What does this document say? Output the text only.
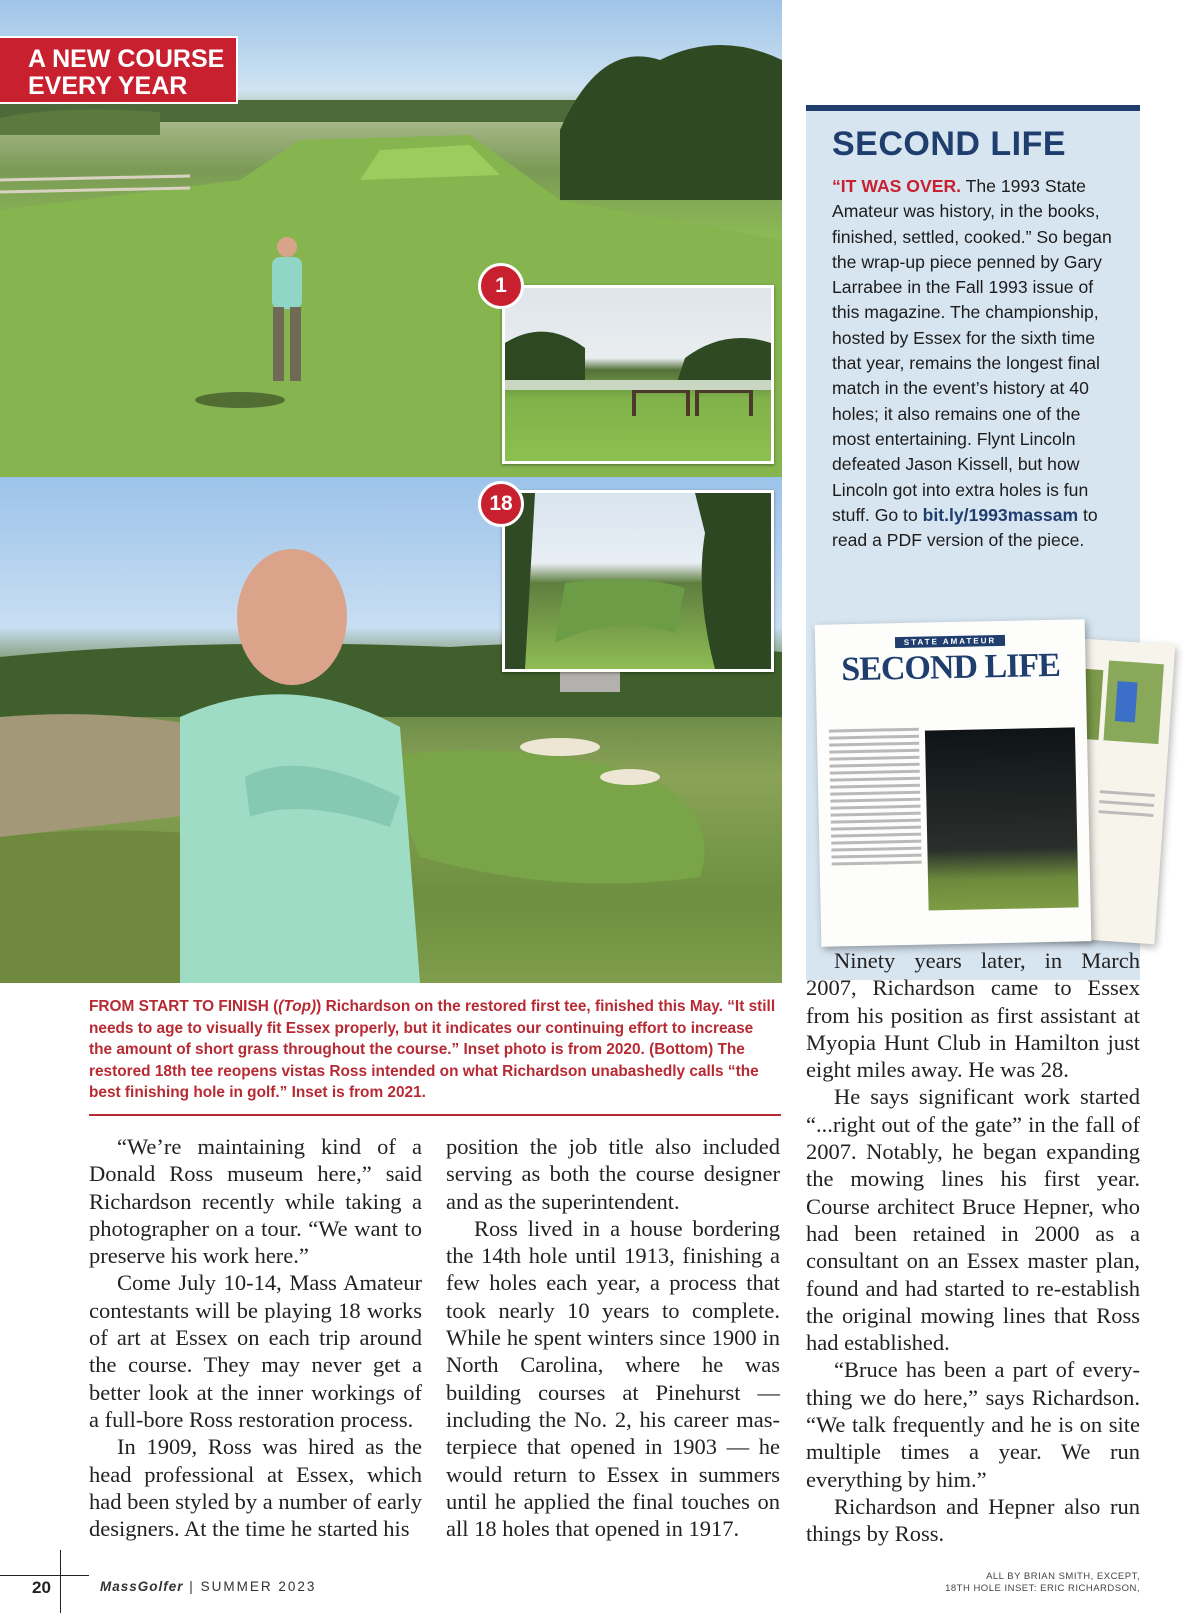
A NEW COURSE
EVERY YEAR
1
18
FROM START TO FINISH ((Top)) Richardson on the restored first tee, finished this May. “It still needs to age to visually fit Essex properly, but it indicates our continuing effort to increase the amount of short grass throughout the course.” Inset photo is from 2020. (Bottom) The restored 18th tee reopens vistas Ross intended on what Richardson unabashedly calls “the best finishing hole in golf.” Inset is from 2021.
SECOND LIFE
“IT WAS OVER. The 1993 State Amateur was history, in the books, finished, settled, cooked.” So began the wrap-up piece penned by Gary Larrabee in the Fall 1993 issue of this magazine. The championship, hosted by Essex for the sixth time that year, remains the longest final match in the event’s history at 40 holes; it also remains one of the most entertaining. Flynt Lincoln defeated Jason Kissell, but how Lincoln got into extra holes is fun stuff. Go to bit.ly/1993massam to read a PDF version of the piece.
STATE AMATEUR
SECOND LIFE

“We’re maintaining kind of a Donald Ross museum here,” said Richardson recently while taking a photographer on a tour. “We want to preserve his work here.”

Come July 10-14, Mass Amateur contestants will be playing 18 works of art at Essex on each trip around the course. They may never get a better look at the inner workings of a full-bore Ross restoration process.

In 1909, Ross was hired as the head professional at Essex, which had been styled by a number of early designers. At the time he started his

position the job title also included serving as both the course designer and as the superintendent.

Ross lived in a house bordering the 14th hole until 1913, finishing a few holes each year, a process that took nearly 10 years to complete. While he spent winters since 1900 in North Carolina, where he was building courses at Pinehurst — including the No. 2, his career masterpiece that opened in 1903 — he would return to Essex in summers until he applied the final touches on all 18 holes that opened in 1917.

Ninety years later, in March 2007, Richardson came to Essex from his position as first assistant at Myopia Hunt Club in Hamilton just eight miles away. He was 28.

He says significant work started “...right out of the gate” in the fall of 2007. Notably, he began expanding the mowing lines his first year. Course architect Bruce Hepner, who had been retained in 2000 as a consultant on an Essex master plan, found and had started to re-establish the original mowing lines that Ross had established.

“Bruce has been a part of everything we do here,” says Richardson. “We talk frequently and he is on site multiple times a year. We run everything by him.”

Richardson and Hepner also run things by Ross.

20	MassGolfer | SUMMER 2023
ALL BY BRIAN SMITH, EXCEPT,
18TH HOLE INSET: ERIC RICHARDSON,
